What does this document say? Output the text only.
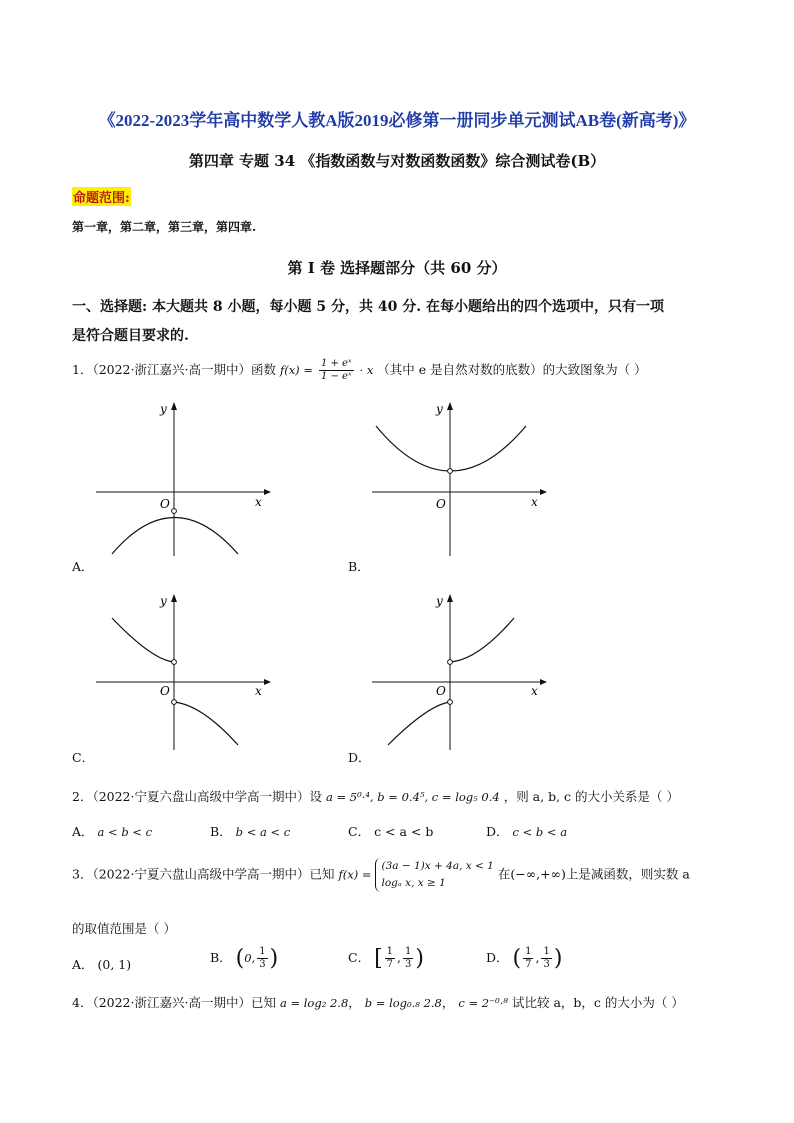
《2022-2023学年高中数学人教A版2019必修第一册同步单元测试AB卷(新高考)》
第四章 专题 34 《指数函数与对数函数函数》综合测试卷(B）
命题范围:
第一章，第二章，第三章，第四章.
第 I 卷 选择题部分（共 60 分）
一、选择题: 本大题共 8 小题，每小题 5 分，共 40 分. 在每小题给出的四个选项中，只有一项
是符合题目要求的.
1．（2022·浙江嘉兴·高一期中）函数 $f(x) = \frac{\text{1 + eˣ}}{\text{1 − eˣ}} \cdot x$ （其中 e 是自然对数的底数）的大致图象为（ ）
y
x
O
A．
y
x
O
B．
y
x
O
C．
y
x
O
D．
2．（2022·宁夏六盘山高级中学高一期中）设 a = 5⁰·⁴, b = 0.4⁵, c = log₅ 0.4 ，则 a, b, c 的大小关系是（ ）
A． a < b < c	B． b < a < c	C． c < a < b	D． c < b < a
3．（2022·宁夏六盘山高级中学高一期中）已知 f(x) =
(3a − 1)x + 4a, x < 1
logₐ x, x ≥ 1
在(−∞,+∞)上是减函数，则实数 a
的取值范围是（ ）
A． (0, 1)	B． (0, $\frac{1}{3}$ )	C． [ $\frac{1}{7}$ , $\frac{1}{3}$ )	D． ( $\frac{1}{7}$ , $\frac{1}{3}$ )
4．（2022·浙江嘉兴·高一期中）已知 a = log₂ 2.8， b = log₀.₈ 2.8， c = 2⁻⁰·⁸ 试比较 a，b，c 的大小为（ ）
